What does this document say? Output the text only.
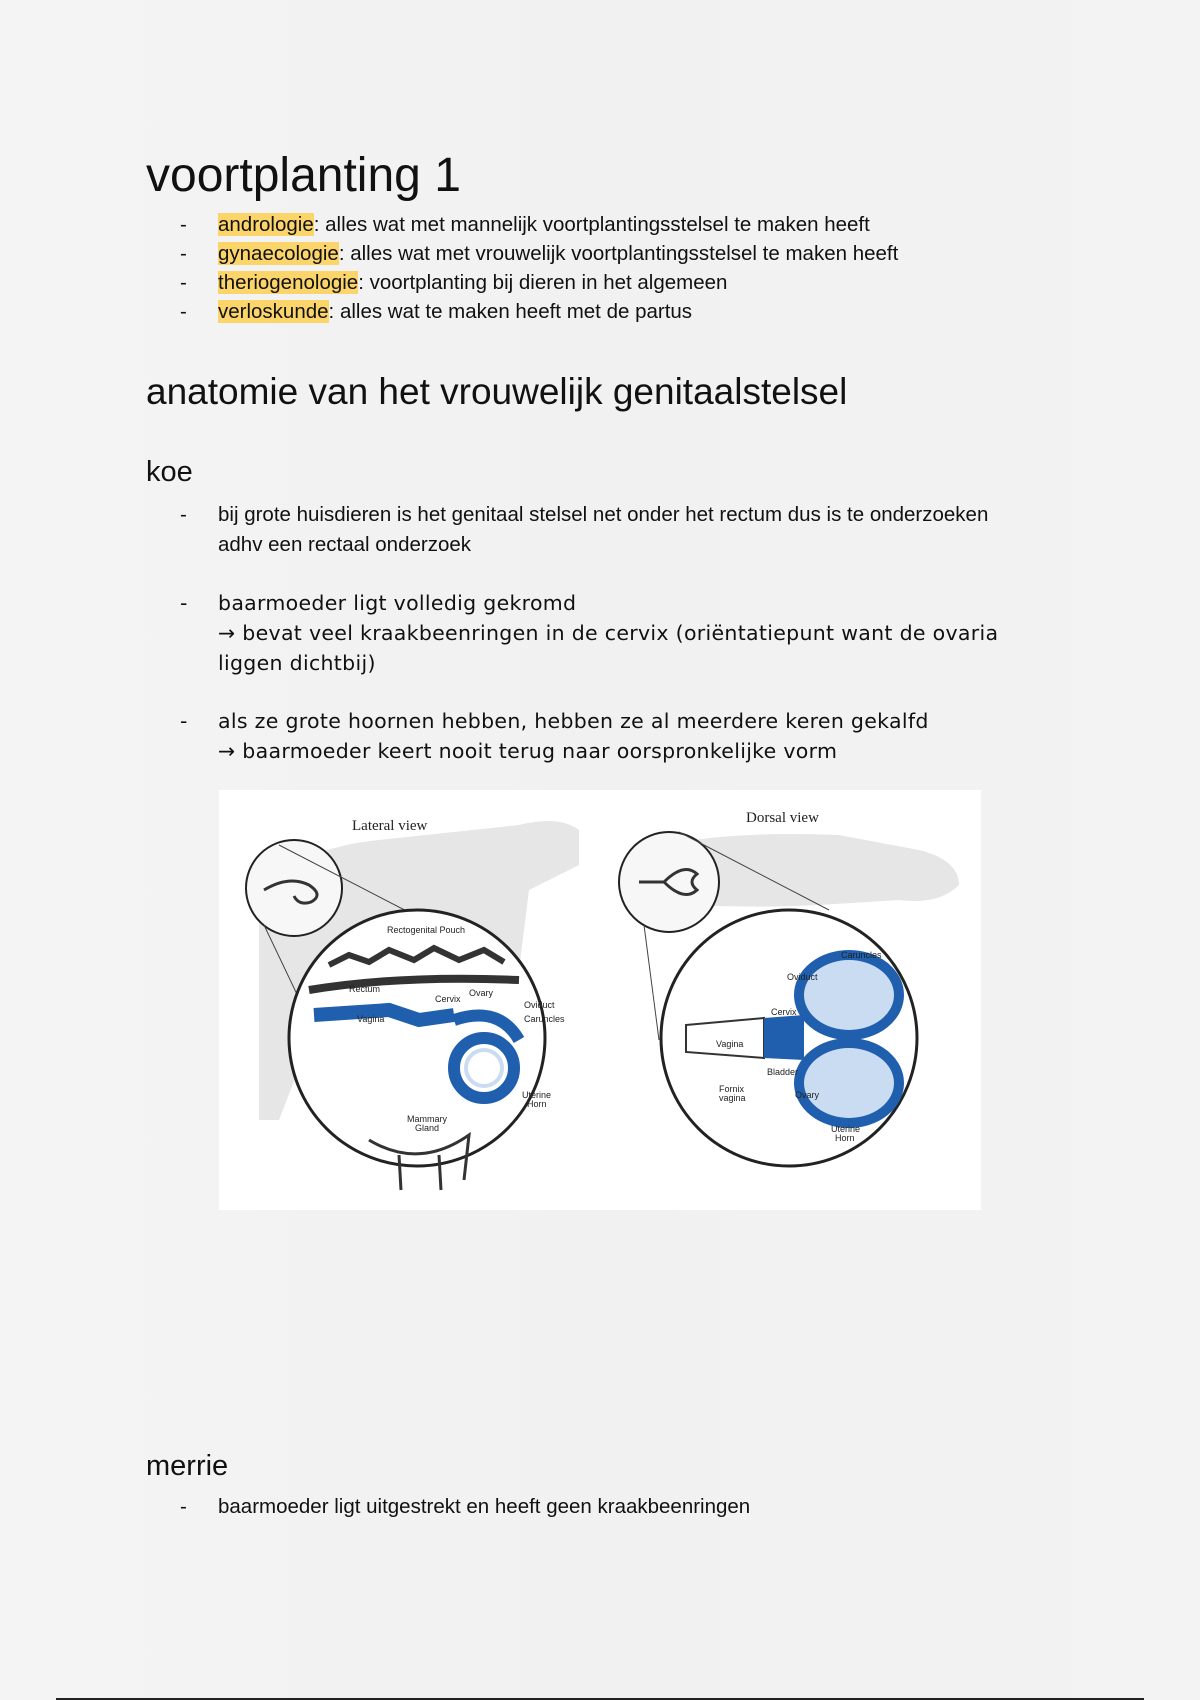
voortplanting 1
- andrologie: alles wat met mannelijk voortplantingsstelsel te maken heeft
- gynaecologie: alles wat met vrouwelijk voortplantingsstelsel te maken heeft
- theriogenologie: voortplanting bij dieren in het algemeen
- verloskunde: alles wat te maken heeft met de partus
anatomie van het vrouwelijk genitaalstelsel
koe
- bij grote huisdieren is het genitaal stelsel net onder het rectum dus is te onderzoeken
adhv een rectaal onderzoek
- baarmoeder ligt volledig gekromd
→ bevat veel kraakbeenringen in de cervix (oriëntatiepunt want de ovaria
liggen dichtbij)
- als ze grote hoornen hebben, hebben ze al meerdere keren gekalfd
→ baarmoeder keert nooit terug naar oorspronkelijke vorm
Lateral view
Rectogenital Pouch
Rectum
Cervix
Ovary
Oviduct
Vagina	Caruncles
Uterine
Horn
Mammary
Gland
Dorsal view
Caruncles
Oviduct
Cervix
Vagina
Bladder
Fornix
vagina	Ovary
Uterine
Horn
merrie
- baarmoeder ligt uitgestrekt en heeft geen kraakbeenringen
